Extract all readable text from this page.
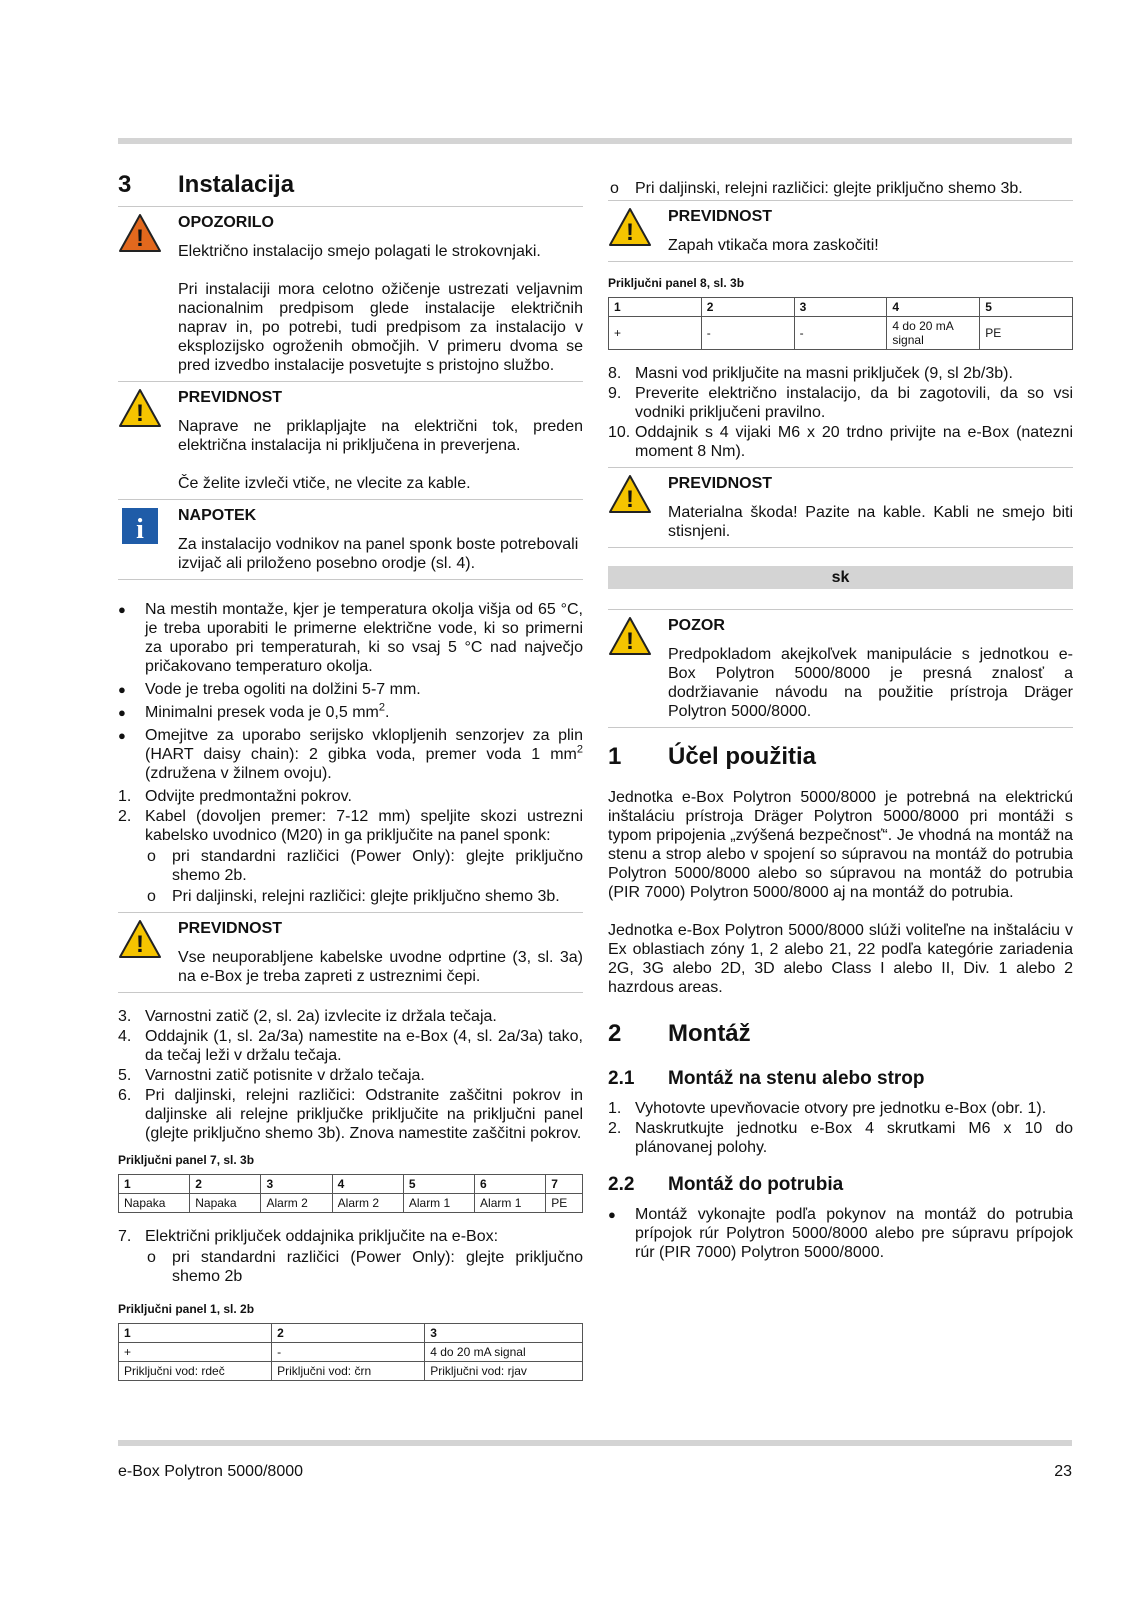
3 Instalacija
!
OPOZORILO

Električno instalacijo smejo polagati le strokovnjaki.

Pri instalaciji mora celotno ožičenje ustrezati veljavnim nacionalnim predpisom glede instalacije električnih naprav in, po potrebi, tudi predpisom za instalacijo v eksplozijsko ogroženih območjih. V primeru dvoma se pred izvedbo instalacije posvetujte s pristojno službo.

!
PREVIDNOST

Naprave ne priklapljajte na električni tok, preden električna instalacija ni priključena in preverjena.

Če želite izvleči vtiče, ne vlecite za kable.

i NAPOTEK

Za instalacijo vodnikov na panel sponk boste potrebovali izvijač ali priloženo posebno orodje (sl. 4).

● Na mestih montaže, kjer je temperatura okolja višja od 65 °C, je treba uporabiti le primerne električne vode, ki so primerni za uporabo pri temperaturah, ki so vsaj 5 °C nad največjo pričakovano temperaturo okolja.
● Vode je treba ogoliti na dolžini 5-7 mm.
● Minimalni presek voda je 0,5 $mm^2$.
● Omejitve za uporabo serijsko vklopljenih senzorjev za plin (HART daisy chain): 2 gibka voda, premer voda 1 $mm^2$ (združena v žilnem ovoju).
1. Odvijte predmontažni pokrov.
2. Kabel (dovoljen premer: 7-12 mm) speljite skozi ustrezni kabelsko uvodnico (M20) in ga priključite na panel sponk:
o pri standardni različici (Power Only): glejte priključno shemo 2b.
o Pri daljinski, relejni različici: glejte priključno shemo 3b.
!
PREVIDNOST

Vse neuporabljene kabelske uvodne odprtine (3, sl. 3a) na e-Box je treba zapreti z ustreznimi čepi.

3. Varnostni zatič (2, sl. 2a) izvlecite iz držala tečaja.
4. Oddajnik (1, sl. 2a/3a) namestite na e-Box (4, sl. 2a/3a) tako, da tečaj leži v držalu tečaja.
5. Varnostni zatič potisnite v držalo tečaja.
6. Pri daljinski, relejni različici: Odstranite zaščitni pokrov in daljinske ali relejne priključke priključite na priključni panel (glejte priključno shemo 3b). Znova namestite zaščitni pokrov.
Priključni panel 7, sl. 3b
1	2	3	4	5	6	7
Napaka	Napaka	Alarm 2	Alarm 2	Alarm 1	Alarm 1	PE
7. Električni priključek oddajnika priključite na e-Box:
o pri standardni različici (Power Only): glejte priključno shemo 2b
Priključni panel 1, sl. 2b
1	2	3
+	-	4 do 20 mA signal
Priključni vod: rdeč	Priključni vod: črn	Priključni vod: rjav
o Pri daljinski, relejni različici: glejte priključno shemo 3b.
!
PREVIDNOST

Zapah vtikača mora zaskočiti!

Priključni panel 8, sl. 3b
1	2	3	4	5
+	-	-	4 do 20 mA signal	PE
8. Masni vod priključite na masni priključek (9, sl 2b/3b).
9. Preverite električno instalacijo, da bi zagotovili, da so vsi vodniki priključeni pravilno.
10. Oddajnik s 4 vijaki M6 x 20 trdno privijte na e-Box (natezni moment 8 Nm).
!
PREVIDNOST

Materialna škoda! Pazite na kable. Kabli ne smejo biti stisnjeni.

sk
!
POZOR

Predpokladom akejkoľvek manipulácie s jednotkou e-Box Polytron 5000/8000 je presná znalosť a dodržiavanie návodu na použitie prístroja Dräger Polytron 5000/8000.

1 Účel použitia

Jednotka e-Box Polytron 5000/8000 je potrebná na elektrickú inštaláciu prístroja Dräger Polytron 5000/8000 pri montáži s typom pripojenia „zvýšená bezpečnosť“. Je vhodná na montáž na stenu a strop alebo v spojení so súpravou na montáž do potrubia Polytron 5000/8000 alebo so súpravou na montáž do potrubia (PIR 7000) Polytron 5000/8000 aj na montáž do potrubia.

Jednotka e-Box Polytron 5000/8000 slúži voliteľne na inštaláciu v Ex oblastiach zóny 1, 2 alebo 21, 22 podľa kategórie zariadenia 2G, 3G alebo 2D, 3D alebo Class I alebo II, Div. 1 alebo 2 hazrdous areas.

2 Montáž
2.1 Montáž na stenu alebo strop
1. Vyhotovte upevňovacie otvory pre jednotku e-Box (obr. 1).
2. Naskrutkujte jednotku e-Box 4 skrutkami M6 x 10 do plánovanej polohy.
2.2 Montáž do potrubia
● Montáž vykonajte podľa pokynov na montáž do potrubia prípojok rúr Polytron 5000/8000 alebo pre súpravu prípojok rúr (PIR 7000) Polytron 5000/8000.
e-Box Polytron 5000/8000	23
